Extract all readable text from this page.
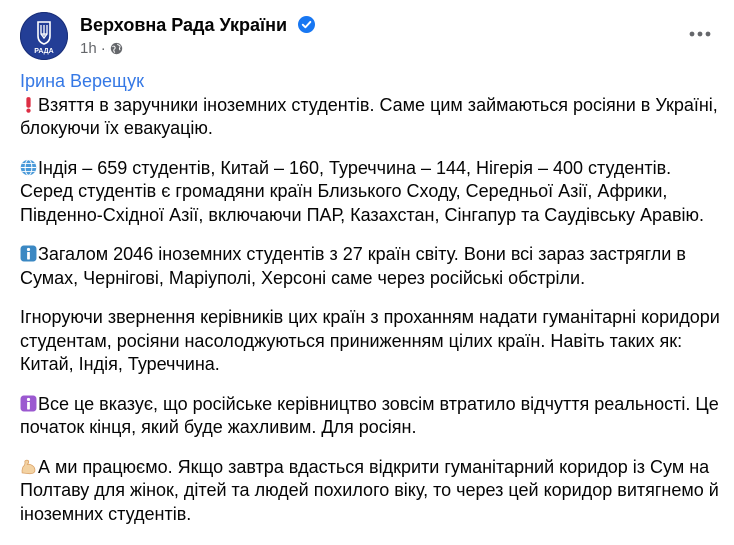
РАДА
Верховна Рада України
1h ·
Ірина Верещук

Взяття в заручники іноземних студентів. Саме цим займаються росіяни в Україні, блокуючи їх евакуацію.

Індія – 659 студентів, Китай – 160, Туреччина – 144, Нігерія – 400 студентів. Серед студентів є громадяни країн Близького Сходу, Середньої Азії, Африки, Південно-Східної Азії, включаючи ПАР, Казахстан, Сінгапур та Саудівську Аравію.

Загалом 2046 іноземних студентів з 27 країн світу. Вони всі зараз застрягли в Сумах, Чернігові, Маріуполі, Херсоні саме через російські обстріли.

Ігноруючи звернення керівників цих країн з проханням надати гуманітарні коридори студентам, росіяни насолоджуються приниженням цілих країн. Навіть таких як: Китай, Індія, Туреччина.

Все це вказує, що російське керівництво зовсім втратило відчуття реальності. Це початок кінця, який буде жахливим. Для росіян.

А ми працюємо. Якщо завтра вдасться відкрити гуманітарний коридор із Сум на Полтаву для жінок, дітей та людей похилого віку, то через цей коридор витягнемо й іноземних студентів.
